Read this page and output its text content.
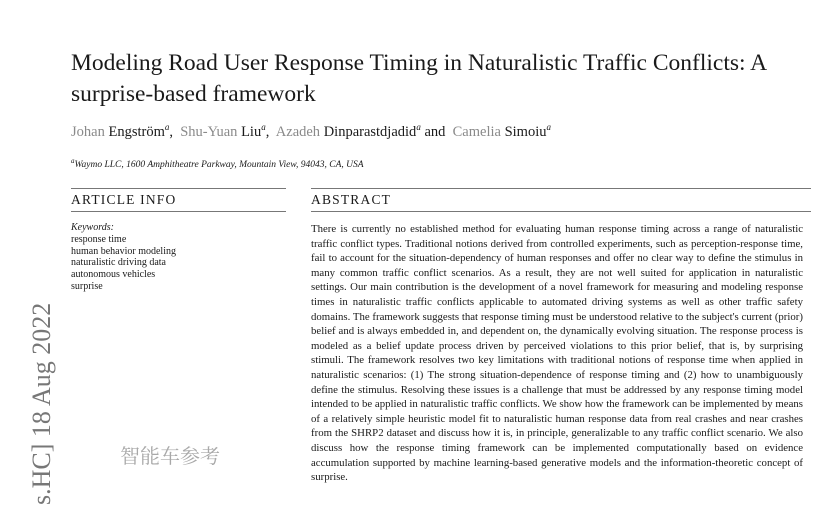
Modeling Road User Response Timing in Naturalistic Traffic Conflicts: A surprise-based framework
Johan Engström$^a$,  Shu-Yuan Liu$^a$,  Azadeh Dinparastdjadid$^a$ and Camelia Simoiu$^a$
$^a$Waymo LLC, 1600 Amphitheatre Parkway, Mountain View, 94043, CA, USA
ARTICLE INFO	ABSTRACT
Keywords:
response time
human behavior modeling
naturalistic driving data
autonomous vehicles
surprise
There is currently no established method for evaluating human response timing across a range of naturalistic traffic conflict types. Traditional notions derived from controlled experiments, such as perception-response time, fail to account for the situation-dependency of human responses and offer no clear way to define the stimulus in many common traffic conflict scenarios. As a result, they are not well suited for application in naturalistic settings. Our main contribution is the development of a novel framework for measuring and modeling response times in naturalistic traffic conflicts applicable to automated driving systems as well as other traffic safety domains. The framework suggests that response timing must be understood relative to the subject's current (prior) belief and is always embedded in, and dependent on, the dynamically evolving situation. The response process is modeled as a belief update process driven by perceived violations to this prior belief, that is, by surprising stimuli. The framework resolves two key limitations with traditional notions of response time when applied in naturalistic scenarios: (1) The strong situation-dependence of response timing and (2) how to unambiguously define the stimulus. Resolving these issues is a challenge that must be addressed by any response timing model intended to be applied in naturalistic traffic conflicts. We show how the framework can be implemented by means of a relatively simple heuristic model fit to naturalistic human response data from real crashes and near crashes from the SHRP2 dataset and discuss how it is, in principle, generalizable to any traffic conflict scenario. We also discuss how the response timing framework can be implemented computationally based on evidence accumulation supported by machine learning-based generative models and the information-theoretic concept of surprise.
s.HC] 18 Aug 2022	智能车参考
